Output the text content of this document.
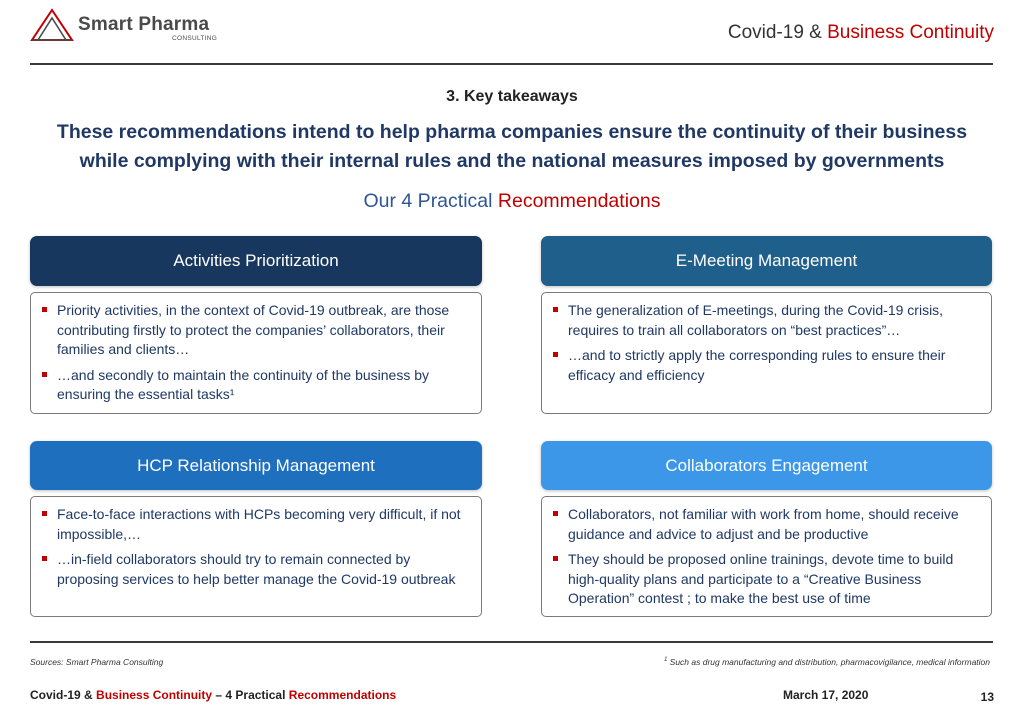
Smart Pharma
CONSULTING	Covid-19 & Business Continuity
3. Key takeaways
These recommendations intend to help pharma companies ensure the continuity of their business
while complying with their internal rules and the national measures imposed by governments
Our 4 Practical Recommendations
Activities Prioritization
Priority activities, in the context of Covid-19 outbreak, are those contributing firstly to protect the companies’ collaborators, their families and clients…
…and secondly to maintain the continuity of the business by ensuring the essential tasks¹
E-Meeting Management
The generalization of E-meetings, during the Covid-19 crisis, requires to train all collaborators on “best practices”…
…and to strictly apply the corresponding rules to ensure their efficacy and efficiency
HCP Relationship Management
Face-to-face interactions with HCPs becoming very difficult, if not impossible,…
…in-field collaborators should try to remain connected by proposing services to help better manage the Covid-19 outbreak
Collaborators Engagement
Collaborators, not familiar with work from home, should receive guidance and advice to adjust and be productive
They should be proposed online trainings, devote time to build high-quality plans and participate to a “Creative Business Operation” contest ; to make the best use of time
Sources: Smart Pharma Consulting	$^1$ Such as drug manufacturing and distribution, pharmacovigilance, medical information
Covid-19 & Business Continuity – 4 Practical Recommendations	March 17, 2020	13
